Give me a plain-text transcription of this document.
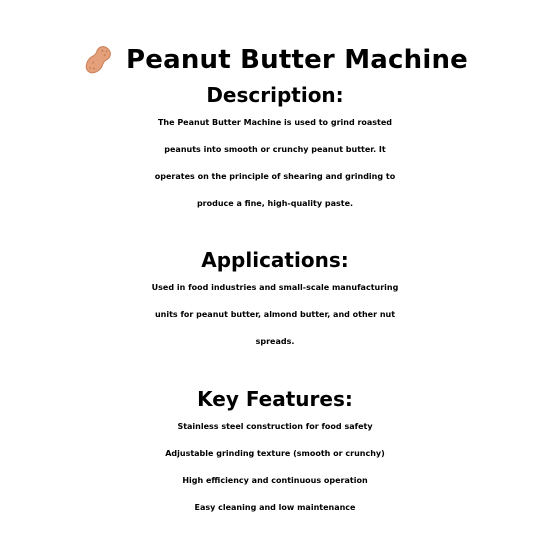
Peanut Butter Machine
Description:
The Peanut Butter Machine is used to grind roasted
peanuts into smooth or crunchy peanut butter. It
operates on the principle of shearing and grinding to
produce a fine, high-quality paste.
Applications:
Used in food industries and small-scale manufacturing
units for peanut butter, almond butter, and other nut
spreads.
Key Features:
Stainless steel construction for food safety
Adjustable grinding texture (smooth or crunchy)
High efficiency and continuous operation
Easy cleaning and low maintenance
